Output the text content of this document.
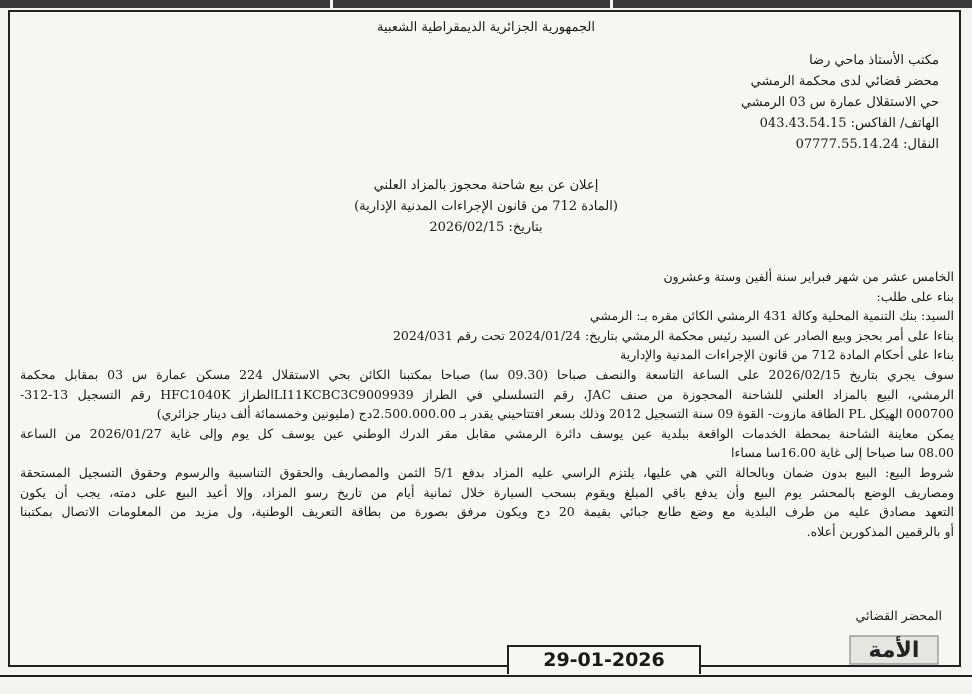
الجمهورية الجزائرية الديمقراطية الشعبية
مكتب الأستاذ ماحي رضا
محضر قضائي لدى محكمة الرمشي
حي الاستقلال عمارة س 03 الرمشي
الهاتف/ الفاكس: 043.43.54.15
النقال: 07777.55.14.24
إعلان عن بيع شاحنة محجوز بالمزاد العلني
(المادة 712 من قانون الإجراءات المدنية الإدارية)
بتاريخ: 2026/02/15
الخامس عشر من شهر فبراير سنة ألفين وستة وعشرون
بناء على طلب:
السيد: بنك التنمية المحلية وكالة 431 الرمشي الكائن مقره بـ: الرمشي
بناءا على أمر بحجز وبيع الصادر عن السيد رئيس محكمة الرمشي بتاريخ: 2024/01/24 تحت رقم 2024/031
بناءا على أحكام المادة 712 من قانون الإجراءات المدنية والإدارية
سوف يجري بتاريخ 2026/02/15 على الساعة التاسعة والنصف صباحا (09.30 سا) صباحا بمكتبنا الكائن بحي الاستقلال 224 مسكن عمارة س 03 بمقابل محكمة
الرمشي، البيع بالمزاد العلني للشاحنة المحجوزة من صنف JAC، رقم التسلسلي في الطراز LI11KCBC3C9009939الطراز HFC1040K رقم التسجيل 13-312-
000700 الهيكل PL الطاقة مازوت- القوة 09 سنة التسجيل 2012 وذلك بسعر افتتاحيني يقدر بـ 2.500.000.00دج (مليونين وخمسمائة ألف دينار جزائري)
يمكن معاينة الشاحنة بمحطة الخدمات الواقعة ببلدية عين يوسف دائرة الرمشي مقابل مقر الدرك الوطني عين يوسف كل يوم وإلى غاية 2026/01/27 من الساعة
08.00 سا صباحا إلى غاية 16.00سا مساءا
شروط البيع: البيع بدون ضمان وبالحالة التي هي عليها، يلتزم الراسي عليه المزاد بدفع 5/1 الثمن والمصاريف والحقوق التناسبية والرسوم وحقوق التسجيل المستحقة
ومصاريف الوضع بالمحشر يوم البيع وأن يدفع باقي المبلغ ويقوم بسحب السيارة خلال ثمانية أيام من تاريخ رسو المزاد، وإلا أعيد البيع على دمته، يجب أن يكون
التعهد مصادق عليه من طرف البلدية مع وضع طابع جبائي بقيمة 20 دج ويكون مرفق بصورة من بطاقة التعريف الوطنية، ول مزيد من المعلومات الاتصال بمكتبنا
أو بالرقمين المذكورين أعلاه.
المحضر القضائي
29-01-2026	الأمة
